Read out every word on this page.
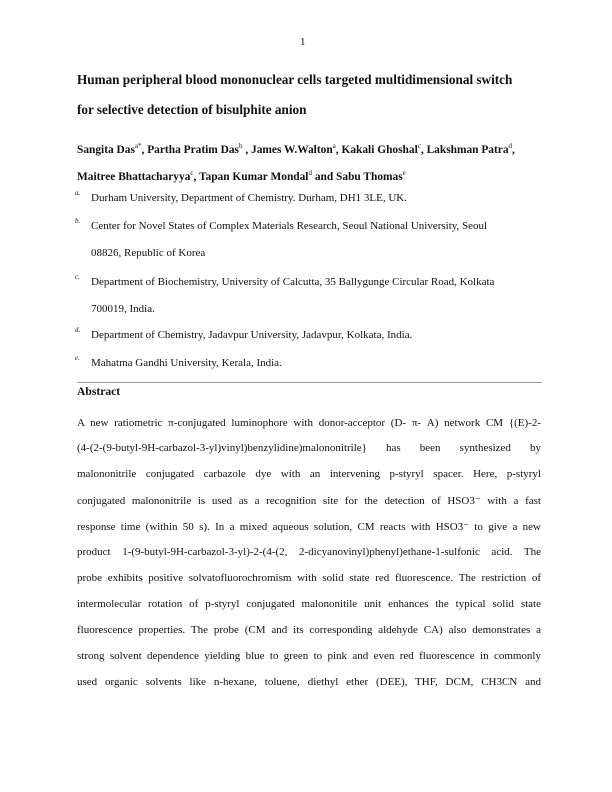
1
Human peripheral blood mononuclear cells targeted multidimensional switch
for selective detection of bisulphite anion
Sangita Das$^{a*}$, Partha Pratim Das$^b$ , James W.Walton$^a$, Kakali Ghoshal$^c$, Lakshman Patra$^d$,
Maitree Bhattacharyya$^c$, Tapan Kumar Mondal$^d$ and Sabu Thomas$^e$
a. Durham University, Department of Chemistry. Durham, DH1 3LE, UK.
b. Center for Novel States of Complex Materials Research, Seoul National University, Seoul
08826, Republic of Korea
c. Department of Biochemistry, University of Calcutta, 35 Ballygunge Circular Road, Kolkata
700019, India.
d. Department of Chemistry, Jadavpur University, Jadavpur, Kolkata, India.
e. Mahatma Gandhi University, Kerala, India.
Abstract
A new ratiometric π-conjugated luminophore with donor-acceptor (D- π- A) network CM {(E)-2-
(4-(2-(9-butyl-9H-carbazol-3-yl)vinyl)benzylidine)malononitrile} has been synthesized by
malononitrile conjugated carbazole dye with an intervening p-styryl spacer. Here, p-styryl
conjugated malononitrile is used as a recognition site for the detection of HSO3⁻ with a fast
response time (within 50 s). In a mixed aqueous solution, CM reacts with HSO3⁻ to give a new
product 1-(9-butyl-9H-carbazol-3-yl)-2-(4-(2, 2-dicyanovinyl)phenyl)ethane-1-sulfonic acid. The
probe exhibits positive solvatofluorochromism with solid state red fluorescence. The restriction of
intermolecular rotation of p-styryl conjugated malononitile unit enhances the typical solid state
fluorescence properties. The probe (CM and its corresponding aldehyde CA) also demonstrates a
strong solvent dependence yielding blue to green to pink and even red fluorescence in commonly
used organic solvents like n-hexane, toluene, diethyl ether (DEE), THF, DCM, CH3CN and
